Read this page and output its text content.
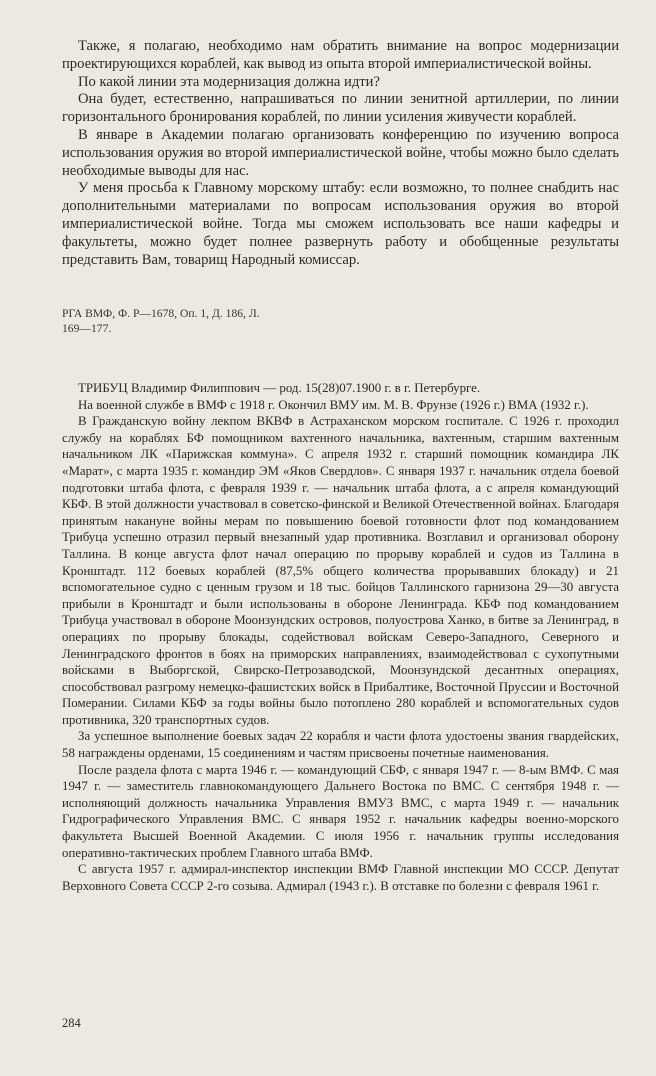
Также, я полагаю, необходимо нам обратить внимание на вопрос модернизации проектирующихся кораблей, как вывод из опыта второй империалистической войны.

По какой линии эта модернизация должна идти?

Она будет, естественно, напрашиваться по линии зенитной артиллерии, по линии горизонтального бронирования кораблей, по линии усиления живучести кораблей.

В январе в Академии полагаю организовать конференцию по изучению вопроса использования оружия во второй империалистической войне, чтобы можно было сделать необходимые выводы для нас.

У меня просьба к Главному морскому штабу: если возможно, то полнее снабдить нас дополнительными материалами по вопросам использования оружия во второй империалистической войне. Тогда мы сможем использовать все наши кафедры и факультеты, можно будет полнее развернуть работу и обобщенные результаты представить Вам, товарищ Народный комиссар.

РГА ВМФ, Ф. Р—1678, Оп. 1, Д. 186, Л.

169—177.

ТРИБУЦ Владимир Филиппович — род. 15(28)07.1900 г. в г. Петербурге.

На военной службе в ВМФ с 1918 г. Окончил ВМУ им. М. В. Фрунзе (1926 г.) ВМА (1932 г.).

В Гражданскую войну лекпом ВКВФ в Астраханском морском госпитале. С 1926 г. проходил службу на кораблях БФ помощником вахтенного начальника, вахтенным, старшим вахтенным начальником ЛК «Парижская коммуна». С апреля 1932 г. старший помощник командира ЛК «Марат», с марта 1935 г. командир ЭМ «Яков Свердлов». С января 1937 г. начальник отдела боевой подготовки штаба флота, с февраля 1939 г. — начальник штаба флота, а с апреля командующий КБФ. В этой должности участвовал в советско-финской и Великой Отечественной войнах. Благодаря принятым накануне войны мерам по повышению боевой готовности флот под командованием Трибуца успешно отразил первый внезапный удар противника. Возглавил и организовал оборону Таллина. В конце августа флот начал операцию по прорыву кораблей и судов из Таллина в Кронштадт. 112 боевых кораблей (87,5% общего количества прорывавших блокаду) и 21 вспомогательное судно с ценным грузом и 18 тыс. бойцов Таллинского гарнизона 29—30 августа прибыли в Кронштадт и были использованы в обороне Ленинграда. КБФ под командованием Трибуца участвовал в обороне Моонзундских островов, полуострова Ханко, в битве за Ленинград, в операциях по прорыву блокады, содействовал войскам Северо-Западного, Северного и Ленинградского фронтов в боях на приморских направлениях, взаимодействовал с сухопутными войсками в Выборгской, Свирско-Петрозаводской, Моонзундской десантных операциях, способствовал разгрому немецко-фашистских войск в Прибалтике, Восточной Пруссии и Восточной Померании. Силами КБФ за годы войны было потоплено 280 кораблей и вспомогательных судов противника, 320 транспортных судов.

За успешное выполнение боевых задач 22 корабля и части флота удостоены звания гвардейских, 58 награждены орденами, 15 соединениям и частям присвоены почетные наименования.

После раздела флота с марта 1946 г. — командующий СБФ, с января 1947 г. — 8-ым ВМФ. С мая 1947 г. — заместитель главнокомандующего Дальнего Востока по ВМС. С сентября 1948 г. — исполняющий должность начальника Управления ВМУЗ ВМС, с марта 1949 г. — начальник Гидрографического Управления ВМС. С января 1952 г. начальник кафедры военно-морского факультета Высшей Военной Академии. С июля 1956 г. начальник группы исследования оперативно-тактических проблем Главного штаба ВМФ.

С августа 1957 г. адмирал-инспектор инспекции ВМФ Главной инспекции МО СССР. Депутат Верховного Совета СССР 2-го созыва. Адмирал (1943 г.). В отставке по болезни с февраля 1961 г.

284
